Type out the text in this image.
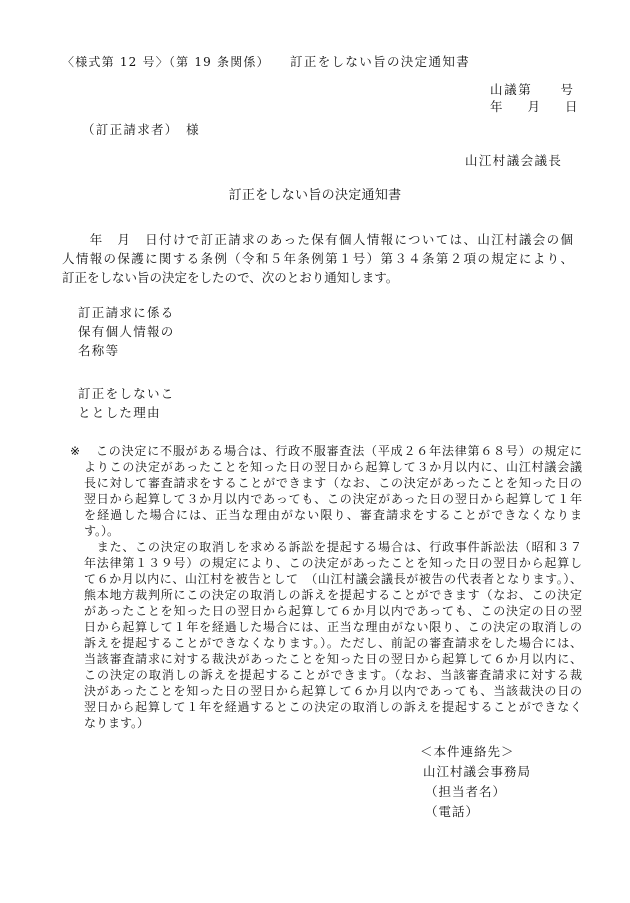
〈様式第 12 号〉（第 19 条関係） 訂正をしない旨の決定通知書
山議第　　号
年　　月　　日
（訂正請求者）　様
山江村議会議長
訂正をしない旨の決定通知書
　　年　月　日付けで訂正請求のあった保有個人情報については、山江村議会の個
人情報の保護に関する条例（令和５年条例第１号）第３４条第２項の規定により、
訂正をしない旨の決定をしたので、次のとおり通知します。
訂正請求に係る
保有個人情報の
名称等
訂正をしないこ
ととした理由
※	この決定に不服がある場合は、行政不服審査法（平成２６年法律第６８号）の規定に
よりこの決定があったことを知った日の翌日から起算して３か月以内に、山江村議会議
長に対して審査請求をすることができます（なお、この決定があったことを知った日の
翌日から起算して３か月以内であっても、この決定があった日の翌日から起算して１年
を経過した場合には、正当な理由がない限り、審査請求をすることができなくなりま
す。）。
　また、この決定の取消しを求める訴訟を提起する場合は、行政事件訴訟法（昭和３７
年法律第１３９号）の規定により、この決定があったことを知った日の翌日から起算し
て６か月以内に、山江村を被告として　（山江村議会議長が被告の代表者となります。）、
熊本地方裁判所にこの決定の取消しの訴えを提起することができます（なお、この決定
があったことを知った日の翌日から起算して６か月以内であっても、この決定の日の翌
日から起算して１年を経過した場合には、正当な理由がない限り、この決定の取消しの
訴えを提起することができなくなります。）。ただし、前記の審査請求をした場合には、
当該審査請求に対する裁決があったことを知った日の翌日から起算して６か月以内に、
この決定の取消しの訴えを提起することができます。（なお、当該審査請求に対する裁
決があったことを知った日の翌日から起算して６か月以内であっても、当該裁決の日の
翌日から起算して１年を経過するとこの決定の取消しの訴えを提起することができなく
なります。）
＜本件連絡先＞
山江村議会事務局
（担当者名）
（電話）
